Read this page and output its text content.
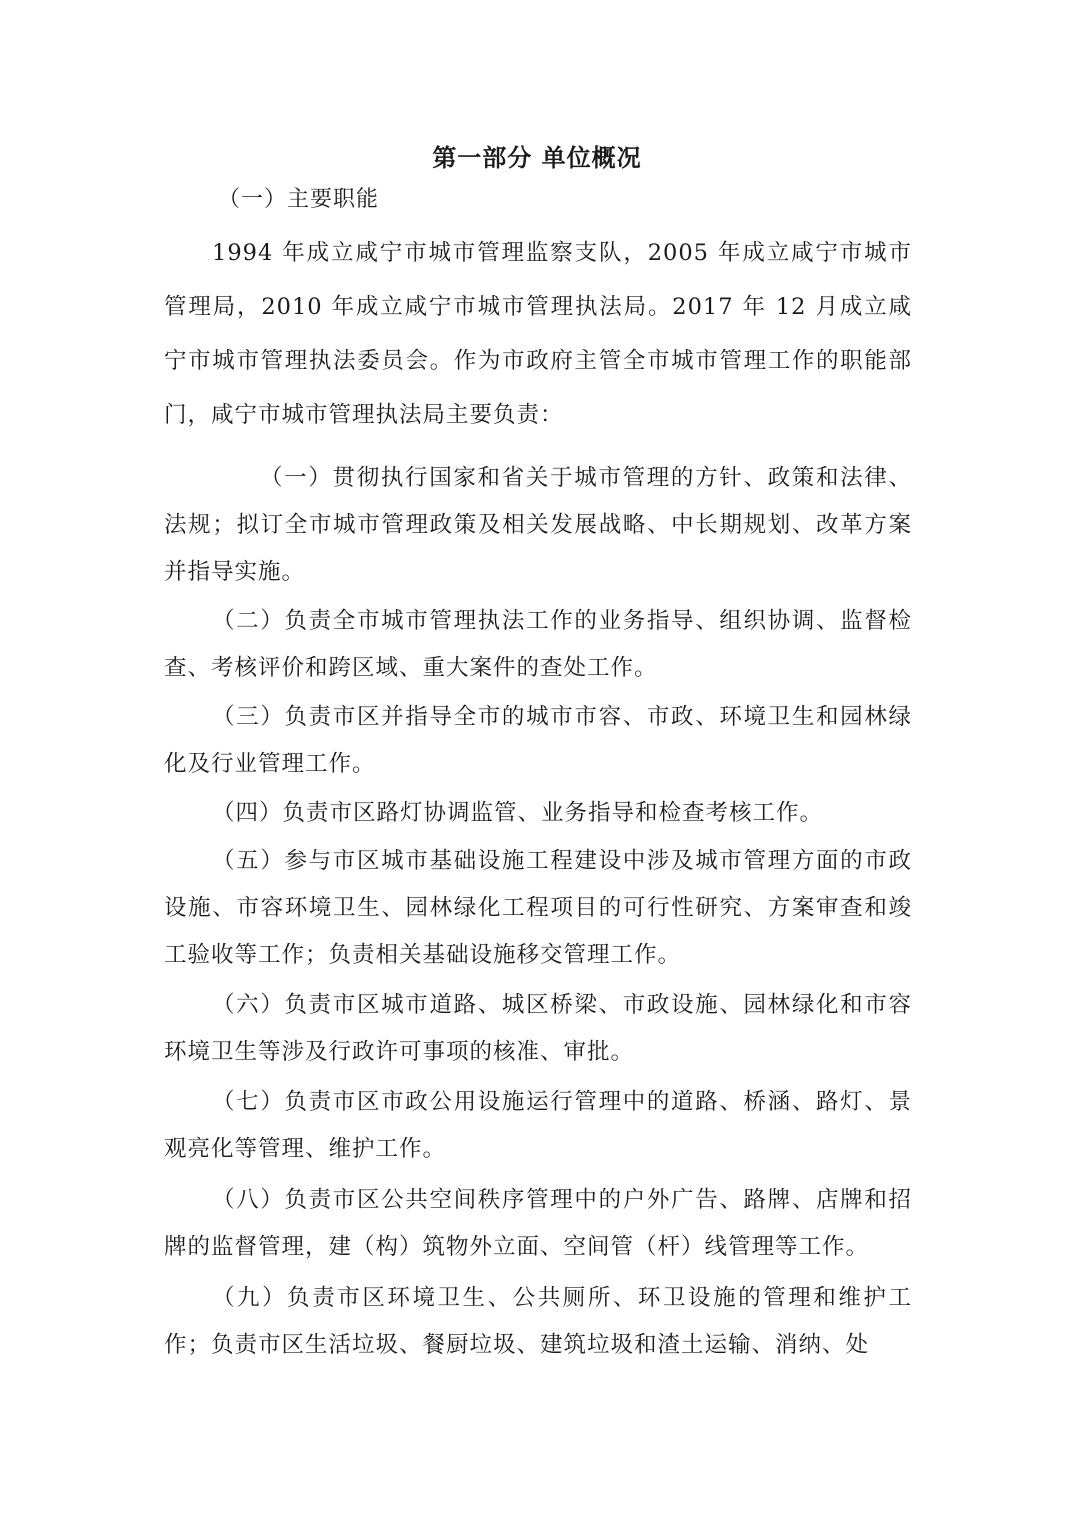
第一部分 单位概况
（一）主要职能
1994 年成立咸宁市城市管理监察支队，2005 年成立咸宁市城市管理局，2010 年成立咸宁市城市管理执法局。2017 年 12 月成立咸宁市城市管理执法委员会。作为市政府主管全市城市管理工作的职能部门，咸宁市城市管理执法局主要负责：
（一）贯彻执行国家和省关于城市管理的方针、政策和法律、法规；拟订全市城市管理政策及相关发展战略、中长期规划、改革方案并指导实施。
（二）负责全市城市管理执法工作的业务指导、组织协调、监督检查、考核评价和跨区域、重大案件的查处工作。
（三）负责市区并指导全市的城市市容、市政、环境卫生和园林绿化及行业管理工作。
（四）负责市区路灯协调监管、业务指导和检查考核工作。
（五）参与市区城市基础设施工程建设中涉及城市管理方面的市政设施、市容环境卫生、园林绿化工程项目的可行性研究、方案审查和竣工验收等工作；负责相关基础设施移交管理工作。
（六）负责市区城市道路、城区桥梁、市政设施、园林绿化和市容环境卫生等涉及行政许可事项的核准、审批。
（七）负责市区市政公用设施运行管理中的道路、桥涵、路灯、景观亮化等管理、维护工作。
（八）负责市区公共空间秩序管理中的户外广告、路牌、店牌和招牌的监督管理，建（构）筑物外立面、空间管（杆）线管理等工作。
（九）负责市区环境卫生、公共厕所、环卫设施的管理和维护工作；负责市区生活垃圾、餐厨垃圾、建筑垃圾和渣土运输、消纳、处
